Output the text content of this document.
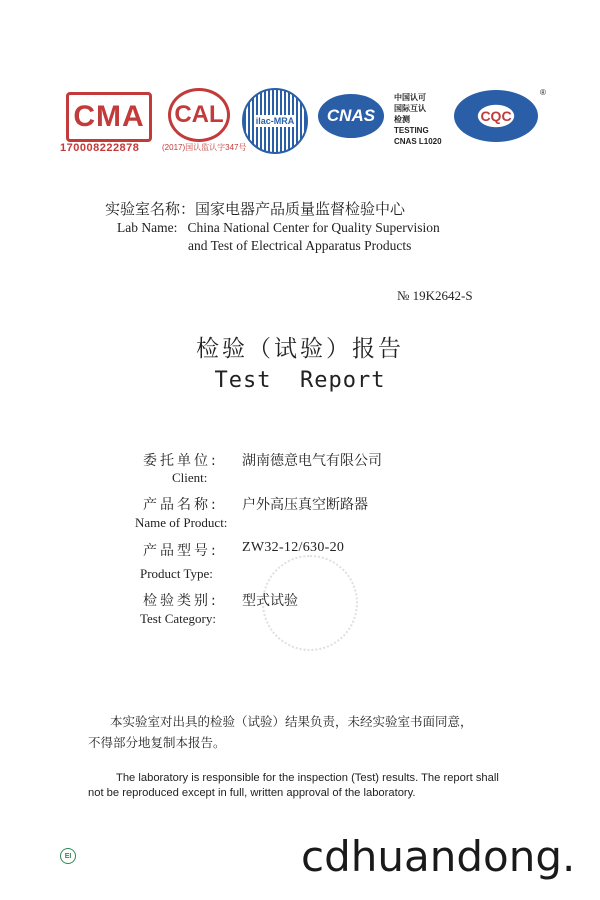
CMA
170008222878
CAL
(2017)国认监认字347号
ilac-MRA	CNAS
中国认可
国际互认
检测
TESTING
CNAS L1020
CQC
®
实验室名称：国家电器产品质量监督检验中心
Lab Name:   China National Center for Quality Supervision
and Test of Electrical Apparatus Products
№ 19K2642-S
检验（试验）报告
Test  Report
委托单位: 湖南德意电气有限公司
Client:
产品名称: 户外高压真空断路器
Name of Product:
产品型号: ZW32-12/630-20
Product Type:
检验类别: 型式试验
Test Category:
本实验室对出具的检验（试验）结果负责，未经实验室书面同意，
不得部分地复制本报告。
The laboratory is responsible for the inspection (Test) results. The report shall
not be reproduced except in full, written approval of the laboratory.
EI	cdhuandong.
